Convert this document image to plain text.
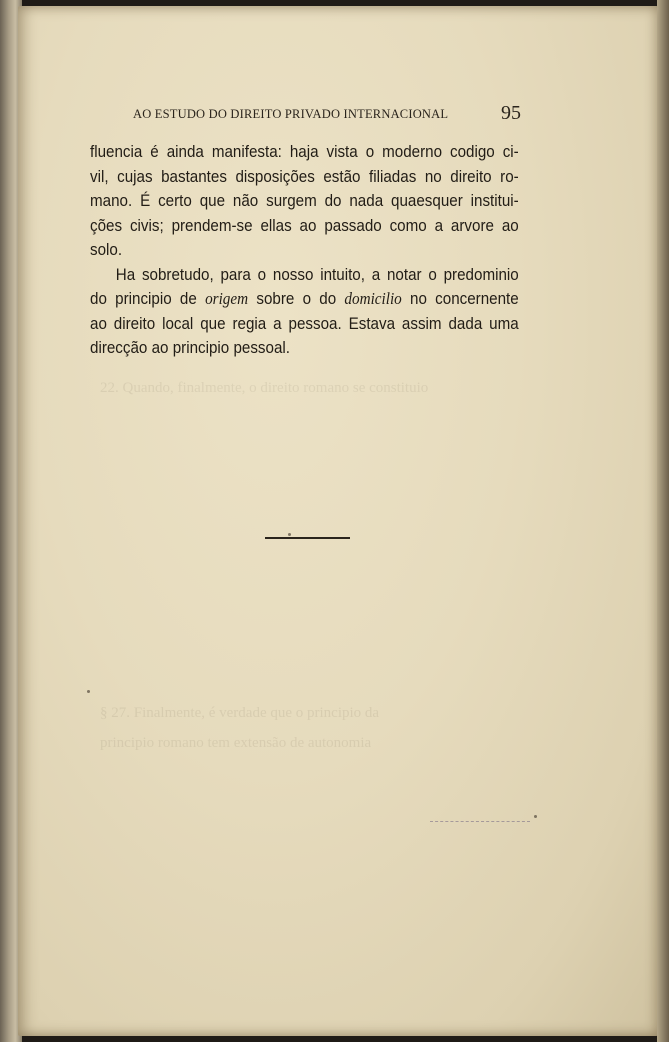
22. Quando, finalmente, o direito romano se constituio
§ 27. Finalmente, é verdade que o principio da
principio romano tem extensão de autonomia
AO ESTUDO DO DIREITO PRIVADO INTERNACIONAL	95
fluencia é ainda manifesta: haja vista o moderno codigo ci-
vil, cujas bastantes disposições estão filiadas no direito ro-
mano. É certo que não surgem do nada quaesquer institui-
ções civis; prendem-se ellas ao passado como a arvore ao
solo.
Ha sobretudo, para o nosso intuito, a notar o predominio
do principio de origem sobre o do domicilio no concernente
ao direito local que regia a pessoa. Estava assim dada uma
direcção ao principio pessoal.
